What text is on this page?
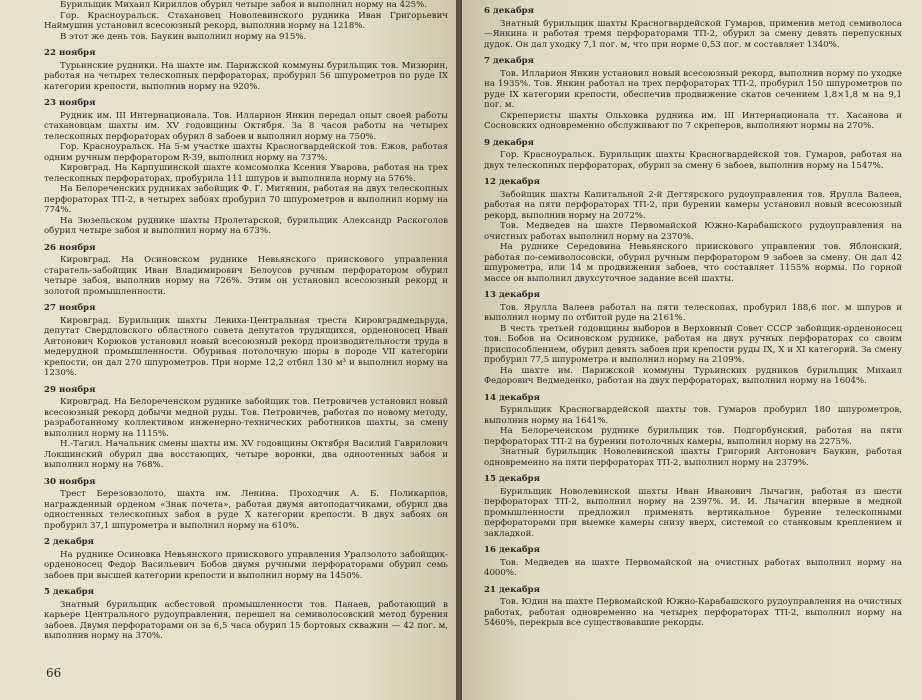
Бурильщик Михаил Кириллов обурил четыре забоя и выполнил норму на 425%.

Гор. Красноуральск. Стахановец Новолевинского рудника Иван Григорьевич Наймушин установил всесоюзный рекорд, выполнив норму на 1218%.

В этот же день тов. Баукин выполнил норму на 915%.

22 ноября

Турьинские рудники. На шахте им. Парижской коммуны бурильщик тов. Мизюрин, работая на четырех телескопных перфораторах, пробурил 56 шпурометров по руде IX категории крепости, выполнив норму на 920%.

23 ноября

Рудник им. III Интернационала. Тов. Илларион Янкин передал опыт своей работы стахановцам шахты им. XV годовщины Октября. За 8 часов работы на четырех телескопных перфораторах обурил 8 забоев и выполнил норму на 750%.

Гор. Красноуральск. На 5-м участке шахты Красногвардейской тов. Ежов, работая одним ручным перфоратором R-39, выполнил норму на 737%.

Кировград. На Карпушинской шахте комсомолка Ксения Уварова, работая на трех телескопных перфораторах, пробурила 111 шпуров и выполнила норму на 576%.

На Белореченских рудниках забойщик Ф. Г. Митянин, работая на двух телескопных перфораторах ТП-2, в четырех забоях пробурил 70 шпурометров и выполнил норму на 774%.

На Зюзельском руднике шахты Пролетарской, бурильщик Александр Раскоголов обурил четыре забоя и выполнил норму на 673%.

26 ноября

Кировград. На Осиновском руднике Невьянского приискового управления старатель-забойщик Иван Владимирович Белоусов ручным перфоратором обурил четыре забоя, выполнив норму на 726%. Этим он установил всесоюзный рекорд и золотой промышленности.

27 ноября

Кировград. Бурильщик шахты Левиха-Центральная треста Кировградмедьруда, депутат Свердловского областного совета депутатов трудящихся, орденоносец Иван Антонович Корюков установил новый всесоюзный рекорд производительности труда в медерудной промышленности. Обуривая потолочную шоры в породе VII категории крепости, он дал 270 шпурометров. При норме 12,2 отбил 130 м³ и выполнил норму на 1230%.

29 ноября

Кировград. На Белореченском руднике забойщик тов. Петровичев установил новый всесоюзный рекорд добычи медной руды. Тов. Петровичев, работая по новому методу, разработанному коллективом инженерно-технических работников шахты, за смену выполнил норму на 1115%.

Н.-Тагил. Начальник смены шахты им. XV годовщины Октября Василий Гаврилович Локшинский обурил два восстающих, четыре воронки, два одноотенных забоя и выполнил норму на 768%.

30 ноября

Трест Березовзолото, шахта им. Ленина. Проходчик А. Б. Поликарпов, награжденный орденом «Знак почета», работая двумя автоподатчиками, обурил два одностенных телескопных забоя в руде X категории крепости. В двух забоях он пробурил 37,1 шпурометра и выполнил норму на 610%.

2 декабря

На руднике Осиновка Невьянского приискового управления Уралзолото забойщик-орденоносец Федор Васильевич Бобов двумя ручными перфораторами обурил семь забоев при высшей категории крепости и выполнил норму на 1450%.

5 декабря

Знатный бурильщик асбестовой промышленности тов. Панаев, работающий в карьере Центрального рудоуправления, перешел на семиволосовский метод бурения забоев. Двумя перфораторами он за 6,5 часа обурил 15 бортовых скважин — 42 пог. м, выполнив норму на 370%.

66
6 декабря

Знатный бурильщик шахты Красногвардейской Гумаров, применив метод семиволоса—Янкина и работая тремя перфораторами ТП-2, обурил за смену девять перепускных дудок. Он дал уходку 7,1 пог. м, что при норме 0,53 пог. м составляет 1340%.

7 декабря

Тов. Илларион Янкин установил новый всесоюзный рекорд, выполнив норму по уходке на 1935%. Тов. Янкин работал на трех перфораторах ТП-2, пробурил 150 шпурометров по руде IX категории крепости, обеспечив продвижение скатов сечением 1,8×1,8 м на 9,1 пог. м.

Скреперисты шахты Ольховка рудника им. III Интернационала тт. Хасанова и Сосновских одновременно обслуживают по 7 скреперов, выполняют нормы на 270%.

9 декабря

Гор. Красноуральск. Бурильщик шахты Красногвардейской тов. Гумаров, работая на двух телескопных перфораторах, обурил за смену 6 забоев, выполнив норму на 1547%.

12 декабря

Забойщик шахты Капитальной 2-й Дегтярского рудоуправления тов. Ярулла Валеев, работая на пяти перфораторах ТП-2, при бурении камеры установил новый всесоюзный рекорд, выполнив норму на 2072%.

Тов. Медведев на шахте Первомайской Южно-Карабашского рудоуправления на очистных работах выполнил норму на 2370%.

На руднике Середовина Невьянского приискового управления тов. Яблонский, работая по-семиволосовски, обурил ручным перфоратором 9 забоев за смену. Он дал 42 шпурометра, или 14 м продвижения забоев, что составляет 1155% нормы. По горной массе он выполнил двухсуточное задание всей шахты.

13 декабря

Тов. Ярулла Валеев работал на пяти телескопах, пробурил 188,6 пог. м шпуров и выполнил норму по отбитой руде на 2161%.

В честь третьей годовщины выборов в Верховный Совет СССР забойщик-орденоносец тов. Бобов на Осиновском руднике, работая на двух ручных перфораторах со своим приспособлением, обурил девять забоев при крепости руды IX, X и XI категорий. За смену пробурил 77,5 шпурометра и выполнил норму на 2109%.

На шахте им. Парижской коммуны Турьинских рудников бурильщик Михаил Федорович Ведмеденко, работая на двух перфораторах, выполнил норму на 1604%.

14 декабря

Бурильщик Красногвардейской шахты тов. Гумаров пробурил 180 шпурометров, выполнив норму на 1641%.

На Белореченском руднике бурильщик тов. Подгорбунский, работая на пяти перфораторах ТП-2 на бурении потолочных камеры, выполнил норму на 2275%.

Знатный бурильщик Новолевинской шахты Григорий Антонович Баукин, работая одновременно на пяти перфораторах ТП-2, выполнил норму на 2379%.

15 декабря

Бурильщик Новолевинской шахты Иван Иванович Лычагин, работая из шести перфораторах ТП-2, выполнил норму на 2397%. И. И. Лычагин впервые в медной промышленности предложил применять вертикальное бурение телескопными перфораторами при выемке камеры снизу вверх, системой со станковым креплением и закладкой.

16 декабря

Тов. Медведев на шахте Первомайской на очистных работах выполнил норму на 4000%.

21 декабря

Тов. Юдин на шахте Первомайской Южно-Карабашского рудоуправления на очистных работах, работая одновременно на четырех перфораторах ТП-2, выполнил норму на 5460%, перекрыв все существовавшие рекорды.
